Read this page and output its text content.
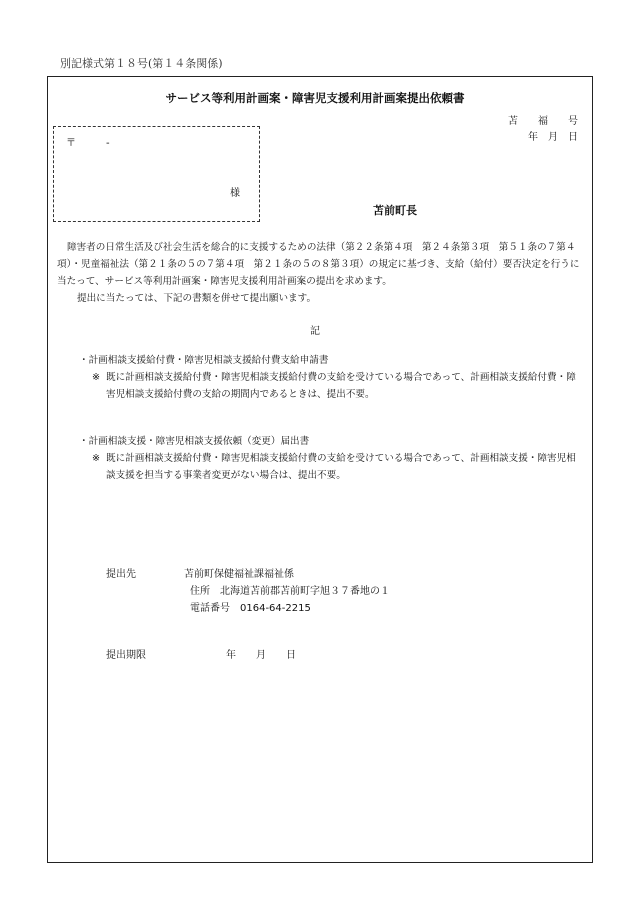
別記様式第１８号(第１４条関係)
サービス等利用計画案・障害児支援利用計画案提出依頼書
苫　　福　　号
年　月　日
〒　　　-
様
苫前町長
障害者の日常生活及び社会生活を総合的に支援するための法律（第２２条第４項　第２４条第３項　第５１条の７第４項）・児童福祉法（第２１条の５の７第４項　第２１条の５の８第３項）の規定に基づき、支給（給付）要否決定を行うに当たって、サービス等利用計画案・障害児支援利用計画案の提出を求めます。
提出に当たっては、下記の書類を併せて提出願います。
記
・計画相談支援給付費・障害児相談支援給付費支給申請書
※ 既に計画相談支援給付費・障害児相談支援給付費の支給を受けている場合であって、計画相談支援給付費・障害児相談支援給付費の支給の期間内であるときは、提出不要。
・計画相談支援・障害児相談支援依頼（変更）届出書
※ 既に計画相談支援給付費・障害児相談支援給付費の支給を受けている場合であって、計画相談支援・障害児相談支援を担当する事業者変更がない場合は、提出不要。
提出先	苫前町保健福祉課福祉係
住所　北海道苫前郡苫前町字旭３７番地の１
電話番号　0164-64-2215
提出期限	年　　月　　日
